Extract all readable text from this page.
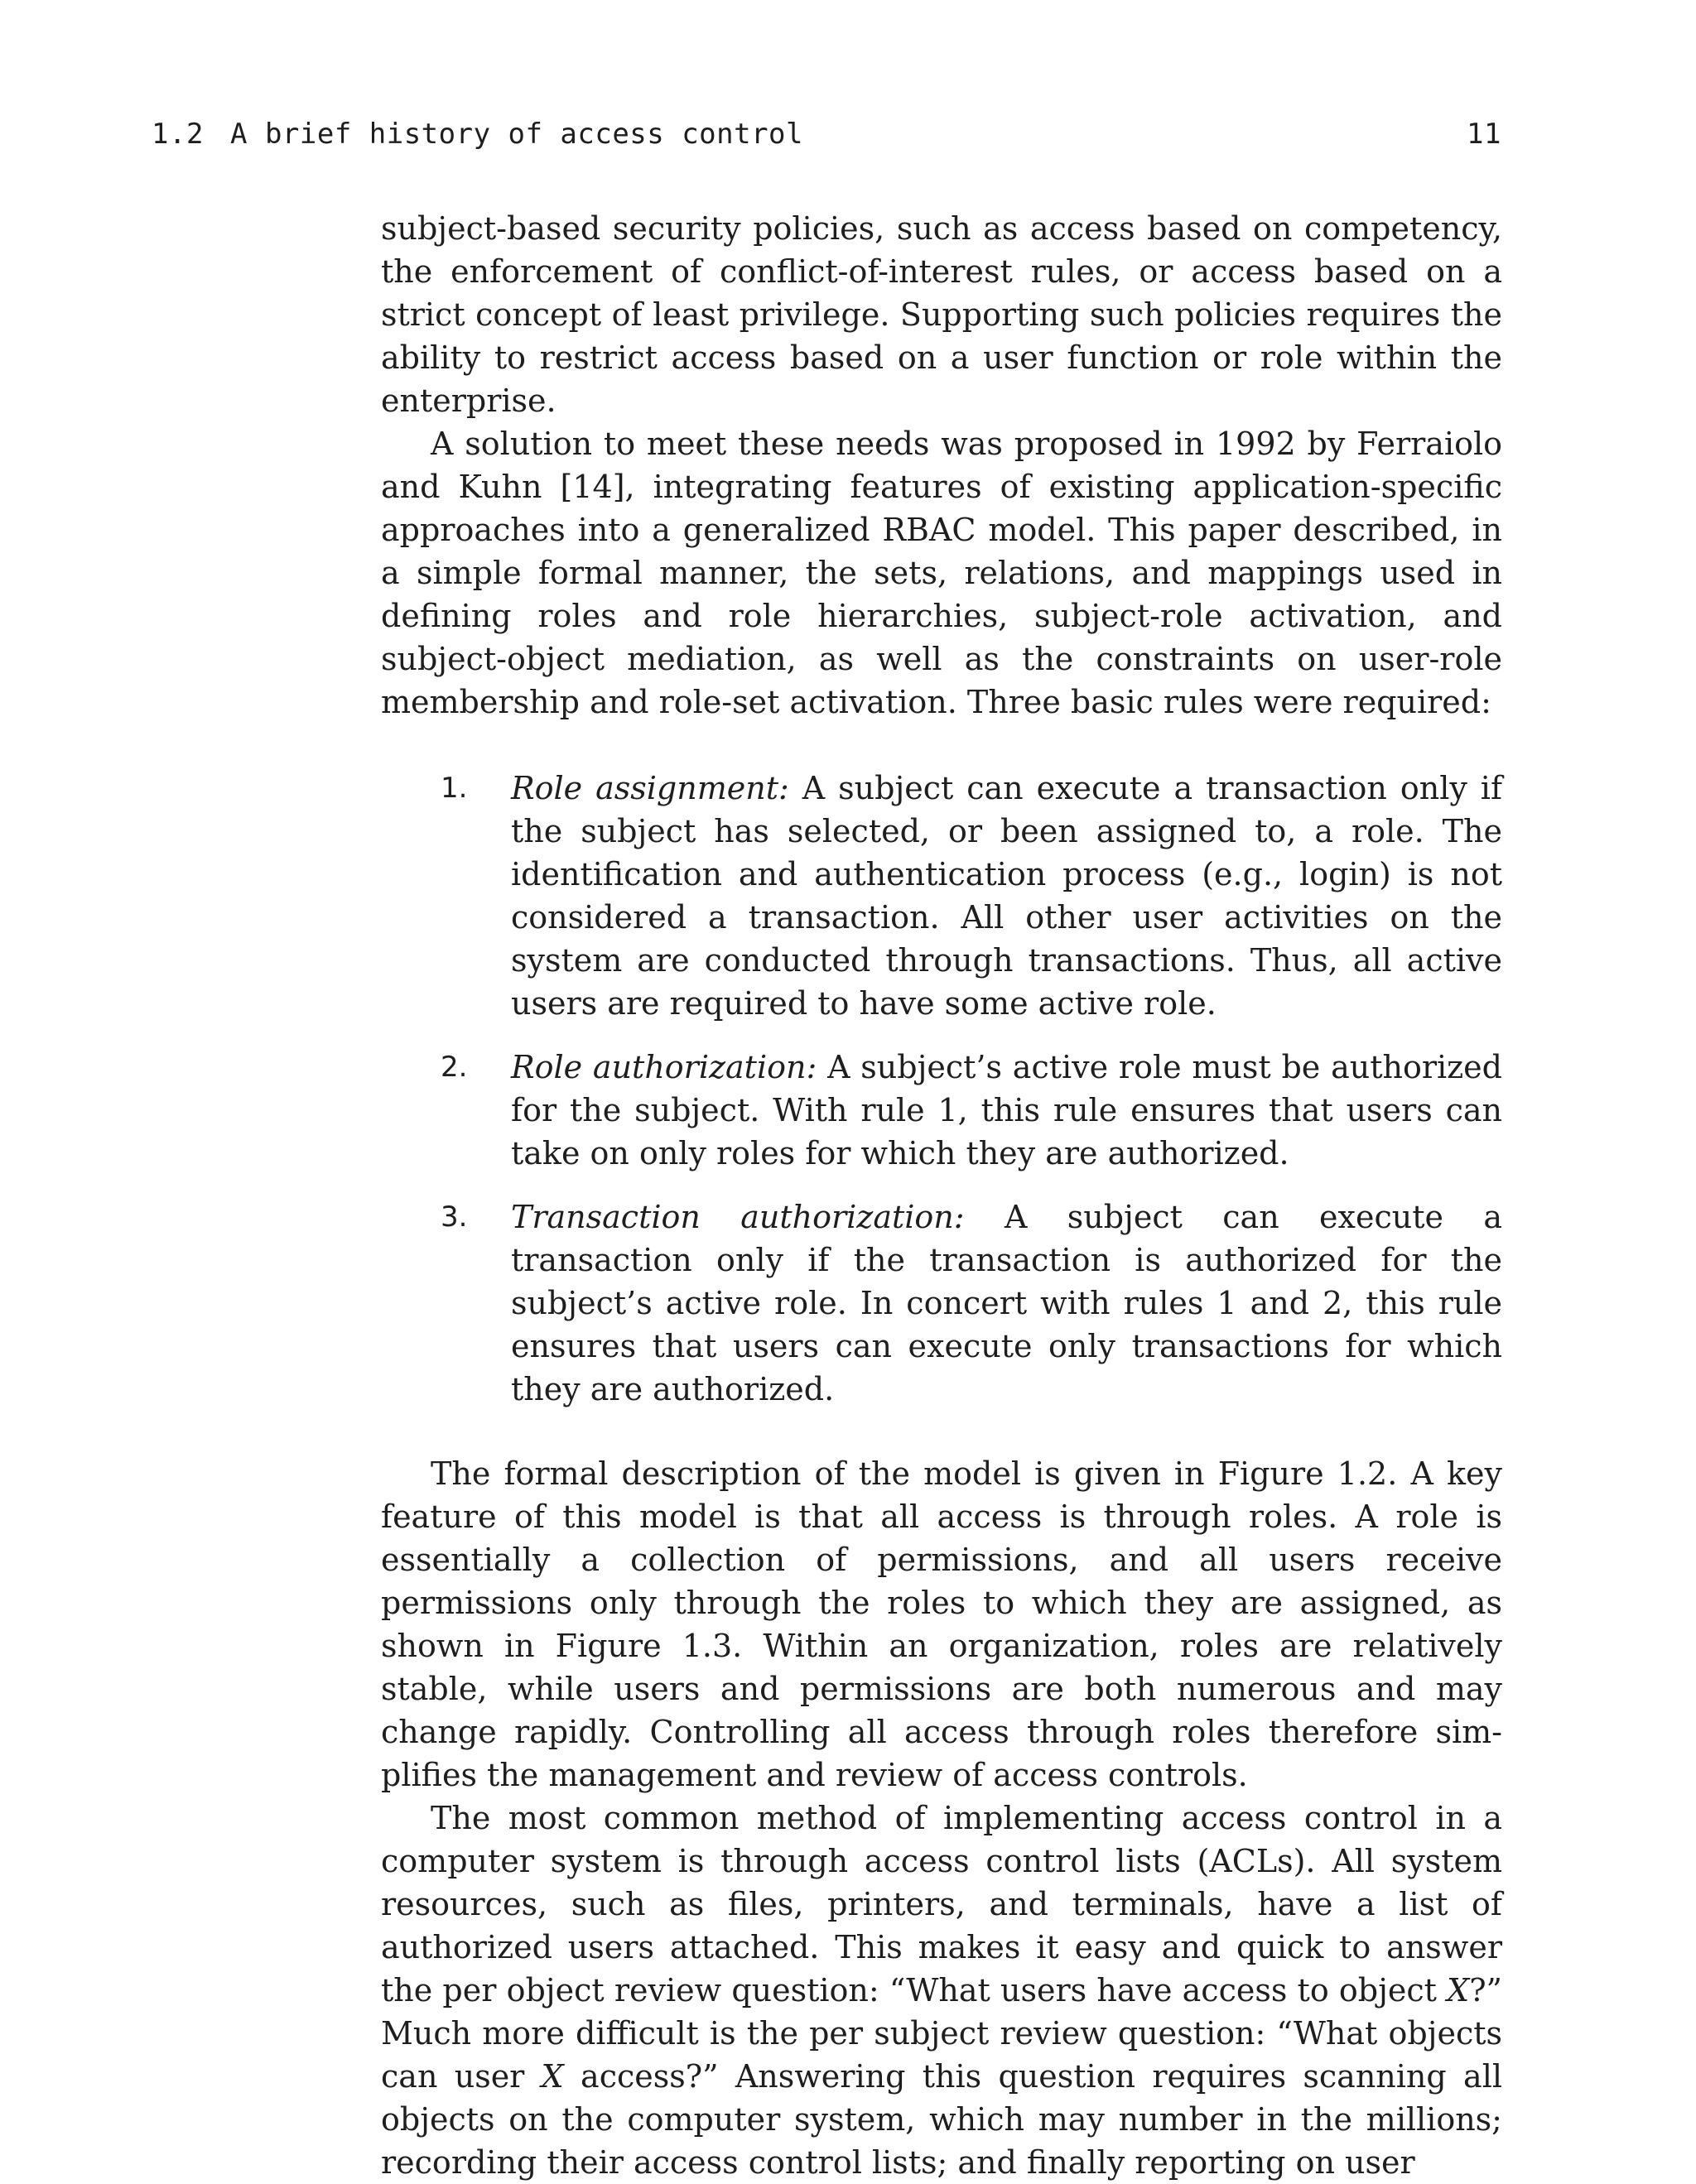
1.2 A brief history of access control	11

subject-based security policies, such as access based on competency, the enforcement of conflict-of-interest rules, or access based on a strict concept of least privilege. Supporting such policies requires the ability to restrict access based on a user function or role within the enterprise.

A solution to meet these needs was proposed in 1992 by Ferraiolo and Kuhn [14], integrating features of existing application-specific approaches into a generalized RBAC model. This paper described, in a simple formal manner, the sets, relations, and mappings used in defining roles and role hierarchies, subject-role activation, and subject-object mediation, as well as the constraints on user-role membership and role-set activation. Three basic rules were required:

1. Role assignment: A subject can execute a transaction only if the subject has selected, or been assigned to, a role. The identification and authentication process (e.g., login) is not considered a transaction. All other user activities on the system are conducted through transactions. Thus, all active users are required to have some active role.
2. Role authorization: A subject’s active role must be authorized for the subject. With rule 1, this rule ensures that users can take on only roles for which they are authorized.
3. Transaction authorization: A subject can execute a transaction only if the transaction is authorized for the subject’s active role. In concert with rules 1 and 2, this rule ensures that users can execute only transactions for which they are authorized.

The formal description of the model is given in Figure 1.2. A key feature of this model is that all access is through roles. A role is essentially a collection of permissions, and all users receive permissions only through the roles to which they are assigned, as shown in Figure 1.3. Within an organization, roles are relatively stable, while users and permissions are both numerous and may change rapidly. Controlling all access through roles therefore simplifies the management and review of access controls.

The most common method of implementing access control in a computer system is through access control lists (ACLs). All system resources, such as files, printers, and terminals, have a list of authorized users attached. This makes it easy and quick to answer the per object review question: “What users have access to object X?” Much more difficult is the per subject review question: “What objects can user X access?” Answering this question requires scanning all objects on the computer system, which may number in the millions; recording their access control lists; and finally reporting on user
